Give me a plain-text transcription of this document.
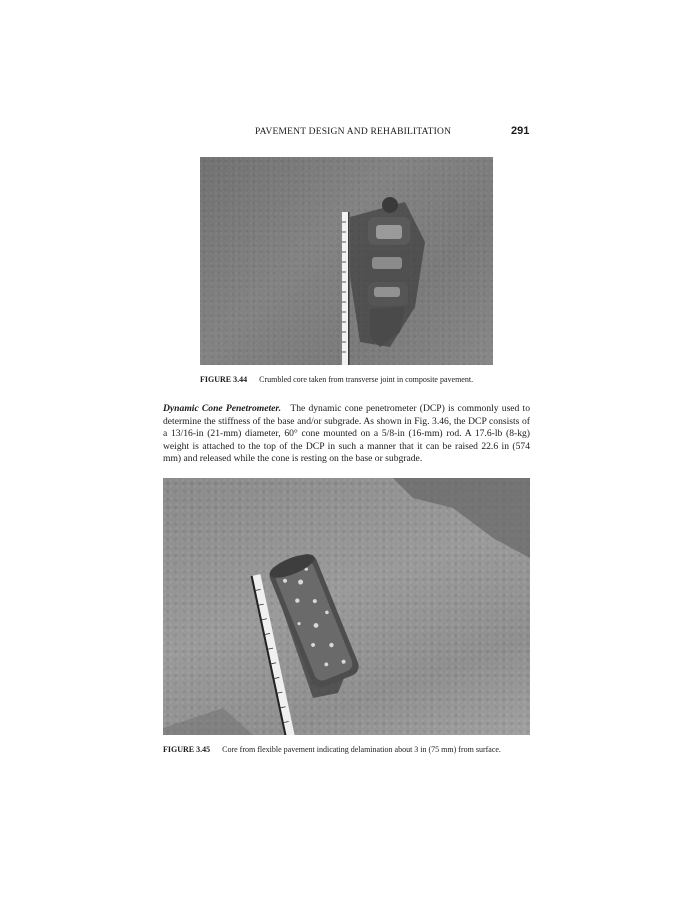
PAVEMENT DESIGN AND REHABILITATION	291
FIGURE 3.44 Crumbled core taken from transverse joint in composite pavement.
Dynamic Cone Penetrometer. The dynamic cone penetrometer (DCP) is commonly used to determine the stiffness of the base and/or subgrade. As shown in Fig. 3.46, the DCP consists of a 13/16-in (21-mm) diameter, 60° cone mounted on a 5/8-in (16-mm) rod. A 17.6-lb (8-kg) weight is attached to the top of the DCP in such a manner that it can be raised 22.6 in (574 mm) and released while the cone is resting on the base or subgrade.
FIGURE 3.45 Core from flexible pavement indicating delamination about 3 in (75 mm) from surface.
